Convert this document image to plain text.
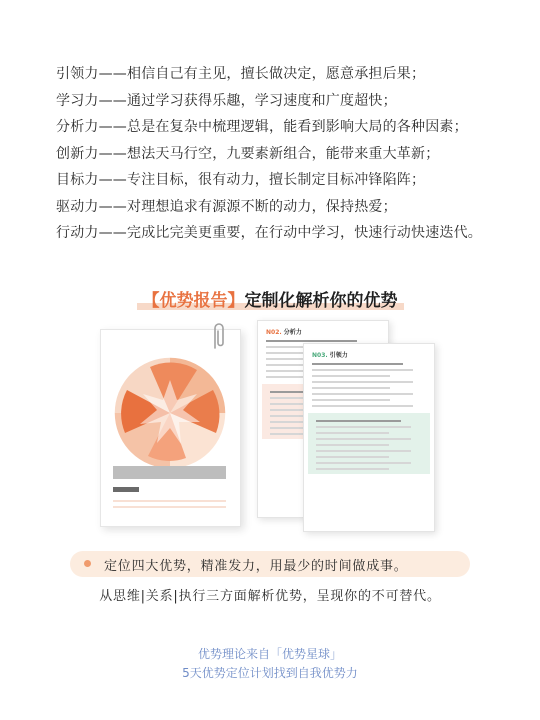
引领力——相信自己有主见，擅长做决定，愿意承担后果；
学习力——通过学习获得乐趣，学习速度和广度超快；
分析力——总是在复杂中梳理逻辑，能看到影响大局的各种因素；
创新力——想法天马行空，九要素新组合，能带来重大革新；
目标力——专注目标，很有动力，擅长制定目标冲锋陷阵；
驱动力——对理想追求有源源不断的动力，保持热爱；
行动力——完成比完美更重要，在行动中学习，快速行动快速迭代。
【优势报告】定制化解析你的优势
N02. 分析力
N03. 引领力
定位四大优势，精准发力，用最少的时间做成事。
从思维|关系|执行三方面解析优势，呈现你的不可替代。
优势理论来自「优势星球」
5天优势定位计划找到自我优势力
